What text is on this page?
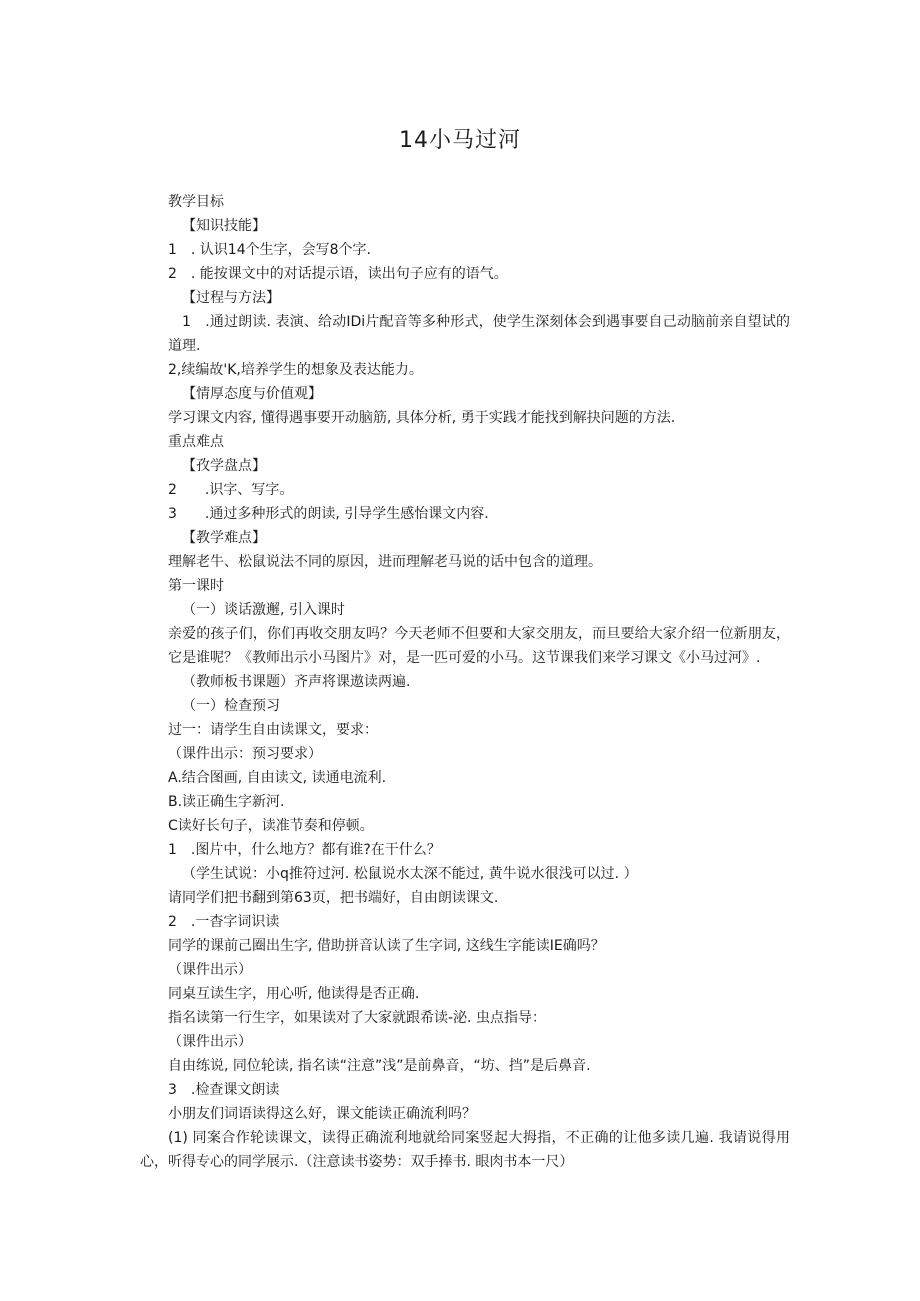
14小马过河

教学目标

【知识技能】

1　. 认识14个生字，会写8个字.

2　. 能按课文中的对话提示语，读出句子应有的语气。

【过程与方法】

1　.通过朗读. 表演、给动IDi片配音等多种形式，使学生深刻体会到遇事要自己动脑前亲自望试的道理.

2,续编故'K,培养学生的想象及表达能力。

【情厚态度与价值观】

学习课文内容, 懂得遇事要开动脑筋, 具体分析, 勇于实践才能找到解抉问题的方法.

重点难点

【孜学盘点】

2　　.识字、写字。

3　　.通过多种形式的朗读, 引导学生感怡课文内容.

【教学难点】

理解老牛、松鼠说法不同的原因，进而理解老马说的话中包含的道理。

第一课时

（一）谈话激邂, 引入课时

亲爱的孩子们，你们再收交朋友吗？今天老师不但要和大家交朋友，而旦要给大家介绍一位新朋友，它是谁呢？《教师出示小马图片》对，是一匹可爱的小马。这节课我们来学习课文《小马过河》.

（教师板书课题）齐声将课遨读两遍.

（一）检查预习

过一：请学生自由读课文，要求：

（课件出示：预习要求）

A.结合图画, 自由读文, 读通电流利.

B.读正确生字新河.

C读好长句子，读准节奏和停顿。

1　.图片中，什么地方？都有谁?在干什么？

（学生试说：小q推符过河. 松鼠说水太深不能过, 黄牛说水很浅可以过. ）

请同学们把书翻到第63页，把书端好，自由朗读课文.

2　.一杳字词识读

同学的课前己圈出生字, 借助拼音认读了生字词, 这线生字能读IE确吗？

（课件出示）

同桌互读生字，用心听, 他读得是否正确.

指名读第一行生字，如果读对了大家就跟希读-泌. 虫点指导：

（课件出示）

自由练说, 同位轮读, 指名读“注意”浅”是前鼻音，“坊、挡”是后鼻音.

3　.检查课文朗读

小朋友们词语读得这么好，课文能读正确流利吗？

(1) 同案合作轮读课文，读得正确流利地就给同案竖起大拇指，不正确的让他多读几遍. 我请说得用心，听得专心的同学展示.（注意读书姿势：双手捧书. 眼肉书本一尺）
